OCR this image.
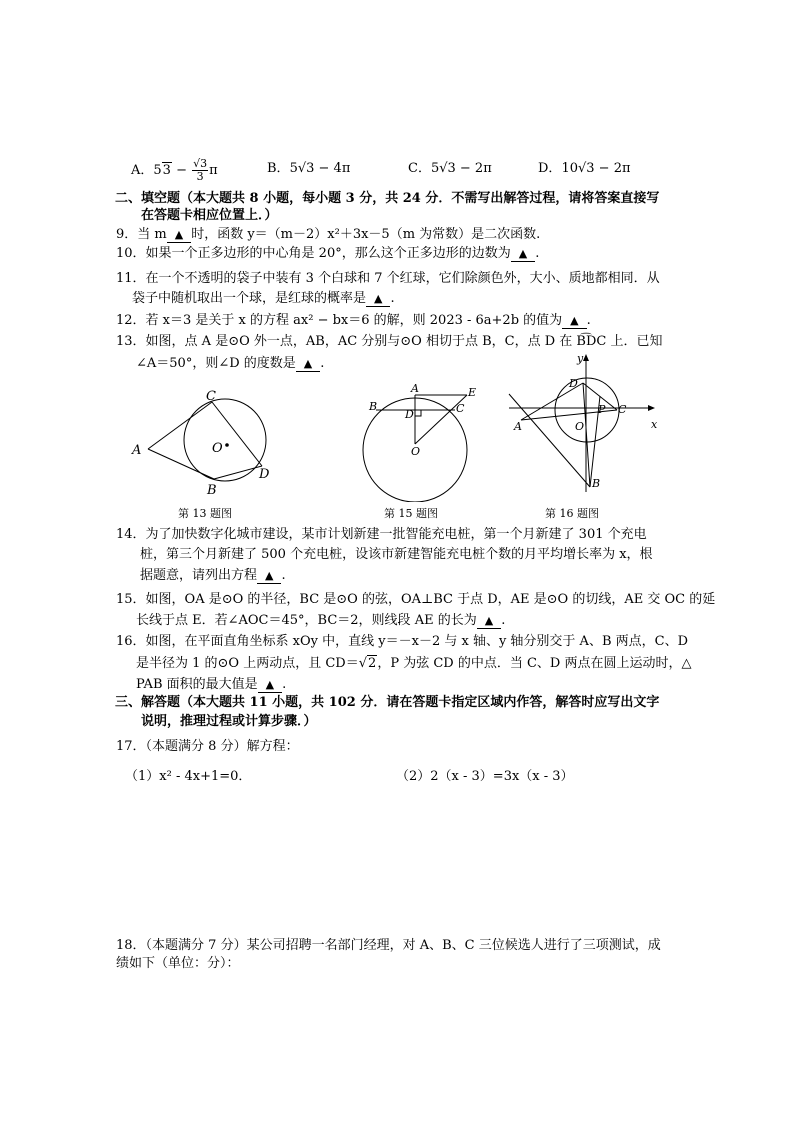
A．$53 - \frac{√3}{3}$ π	B．5√3 − 4π	C．5√3 − 2π	D．10√3 − 2π
二、填空题（本大题共 8 小题，每小题 3 分，共 24 分．不需写出解答过程，请将答案直接写
在答题卡相应位置上．）
9．当 m ▲ 时，函数 y＝（m－2）x²＋3x－5（m 为常数）是二次函数.
10．如果一个正多边形的中心角是 20°，那么这个正多边形的边数为 ▲ .
11．在一个不透明的袋子中装有 3 个白球和 7 个红球，它们除颜色外，大小、质地都相同．从
袋子中随机取出一个球，是红球的概率是 ▲ .
12．若 x＝3 是关于 x 的方程 ax² − bx＝6 的解，则 2023 - 6a+2b 的值为 ▲ .
13．如图，点 A 是⊙O 外一点，AB，AC 分别与⊙O 相切于点 B，C，点 D 在 B͡DC 上．已知
∠A＝50°，则∠D 的度数是 ▲ .
A
C
B
D
O
第 13 题图
A	E
B	C
D
O
第 15 题图
y
x
D
P C
A	O
B
第 16 题图
14．为了加快数字化城市建设，某市计划新建一批智能充电桩，第一个月新建了 301 个充电
桩，第三个月新建了 500 个充电桩，设该市新建智能充电桩个数的月平均增长率为 x，根
据题意，请列出方程 ▲ .
15．如图，OA 是⊙O 的半径，BC 是⊙O 的弦，OA⊥BC 于点 D，AE 是⊙O 的切线，AE 交 OC 的延
长线于点 E．若∠AOC＝45°，BC＝2，则线段 AE 的长为 ▲ .
16．如图，在平面直角坐标系 xOy 中，直线 y＝－x－2 与 x 轴、y 轴分别交于 A、B 两点，C、D
是半径为 1 的⊙O 上两动点，且 CD＝√2，P 为弦 CD 的中点．当 C、D 两点在圆上运动时，△
PAB 面积的最大值是 ▲ .
三、解答题（本大题共 11 小题，共 102 分．请在答题卡指定区域内作答，解答时应写出文字
说明，推理过程或计算步骤．）
17．（本题满分 8 分）解方程：
（1）x² - 4x+1=0．	（2）2（x - 3）=3x（x - 3）
18．（本题满分 7 分）某公司招聘一名部门经理，对 A、B、C 三位候选人进行了三项测试，成
绩如下（单位：分）：
